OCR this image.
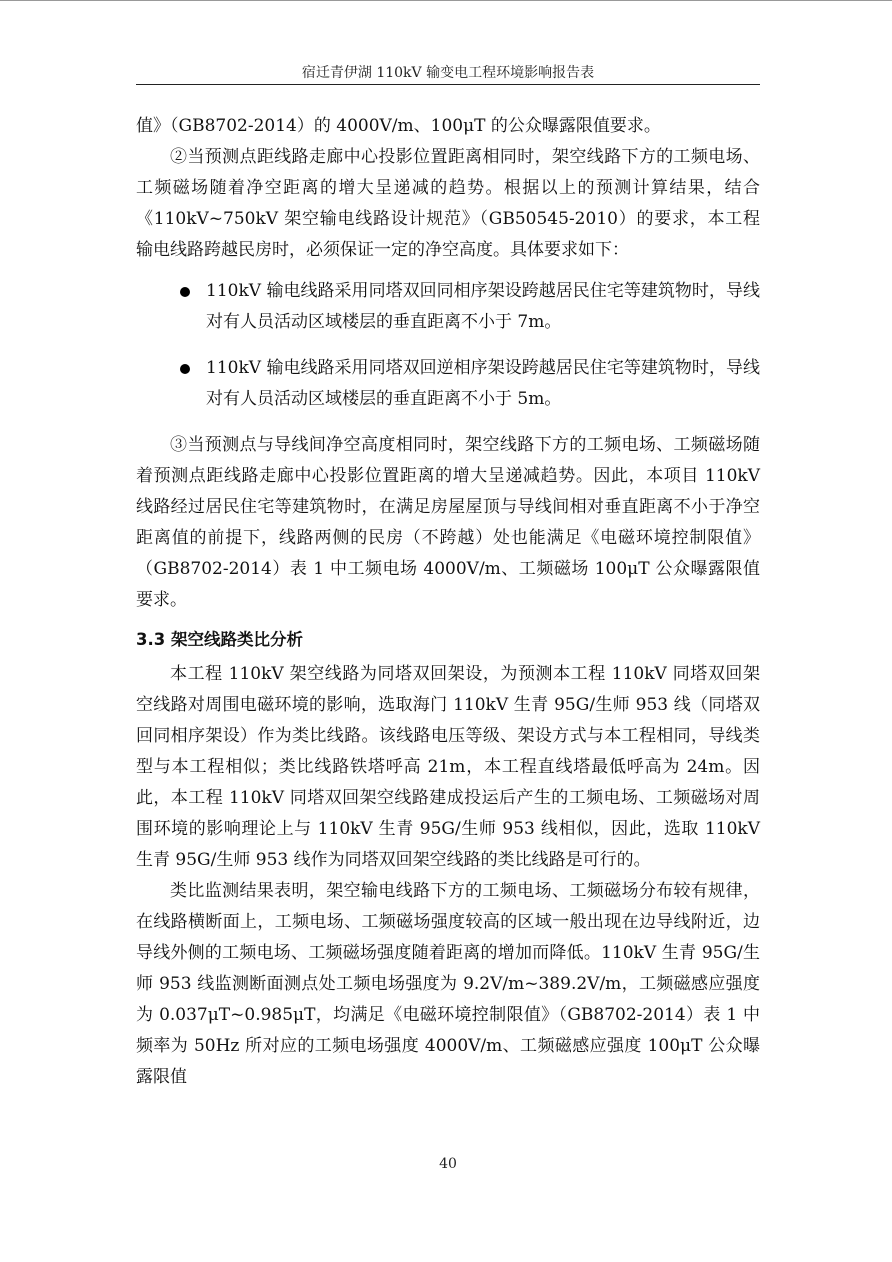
宿迁青伊湖 110kV 输变电工程环境影响报告表

值》（GB8702-2014）的 4000V/m、100μT 的公众曝露限值要求。

②当预测点距线路走廊中心投影位置距离相同时，架空线路下方的工频电场、工频磁场随着净空距离的增大呈递减的趋势。根据以上的预测计算结果，结合《110kV~750kV 架空输电线路设计规范》（GB50545-2010）的要求，本工程输电线路跨越民房时，必须保证一定的净空高度。具体要求如下：

110kV 输电线路采用同塔双回同相序架设跨越居民住宅等建筑物时，导线对有人员活动区域楼层的垂直距离不小于 7m。

110kV 输电线路采用同塔双回逆相序架设跨越居民住宅等建筑物时，导线对有人员活动区域楼层的垂直距离不小于 5m。

③当预测点与导线间净空高度相同时，架空线路下方的工频电场、工频磁场随着预测点距线路走廊中心投影位置距离的增大呈递减趋势。因此，本项目 110kV 线路经过居民住宅等建筑物时，在满足房屋屋顶与导线间相对垂直距离不小于净空距离值的前提下，线路两侧的民房（不跨越）处也能满足《电磁环境控制限值》（GB8702-2014）表 1 中工频电场 4000V/m、工频磁场 100μT 公众曝露限值要求。

3.3 架空线路类比分析

本工程 110kV 架空线路为同塔双回架设，为预测本工程 110kV 同塔双回架空线路对周围电磁环境的影响，选取海门 110kV 生青 95G/生师 953 线（同塔双回同相序架设）作为类比线路。该线路电压等级、架设方式与本工程相同，导线类型与本工程相似；类比线路铁塔呼高 21m，本工程直线塔最低呼高为 24m。因此，本工程 110kV 同塔双回架空线路建成投运后产生的工频电场、工频磁场对周围环境的影响理论上与 110kV 生青 95G/生师 953 线相似，因此，选取 110kV 生青 95G/生师 953 线作为同塔双回架空线路的类比线路是可行的。

类比监测结果表明，架空输电线路下方的工频电场、工频磁场分布较有规律，在线路横断面上，工频电场、工频磁场强度较高的区域一般出现在边导线附近，边导线外侧的工频电场、工频磁场强度随着距离的增加而降低。110kV 生青 95G/生师 953 线监测断面测点处工频电场强度为 9.2V/m~389.2V/m，工频磁感应强度为 0.037μT~0.985μT，均满足《电磁环境控制限值》（GB8702-2014）表 1 中频率为 50Hz 所对应的工频电场强度 4000V/m、工频磁感应强度 100μT 公众曝露限值

40
